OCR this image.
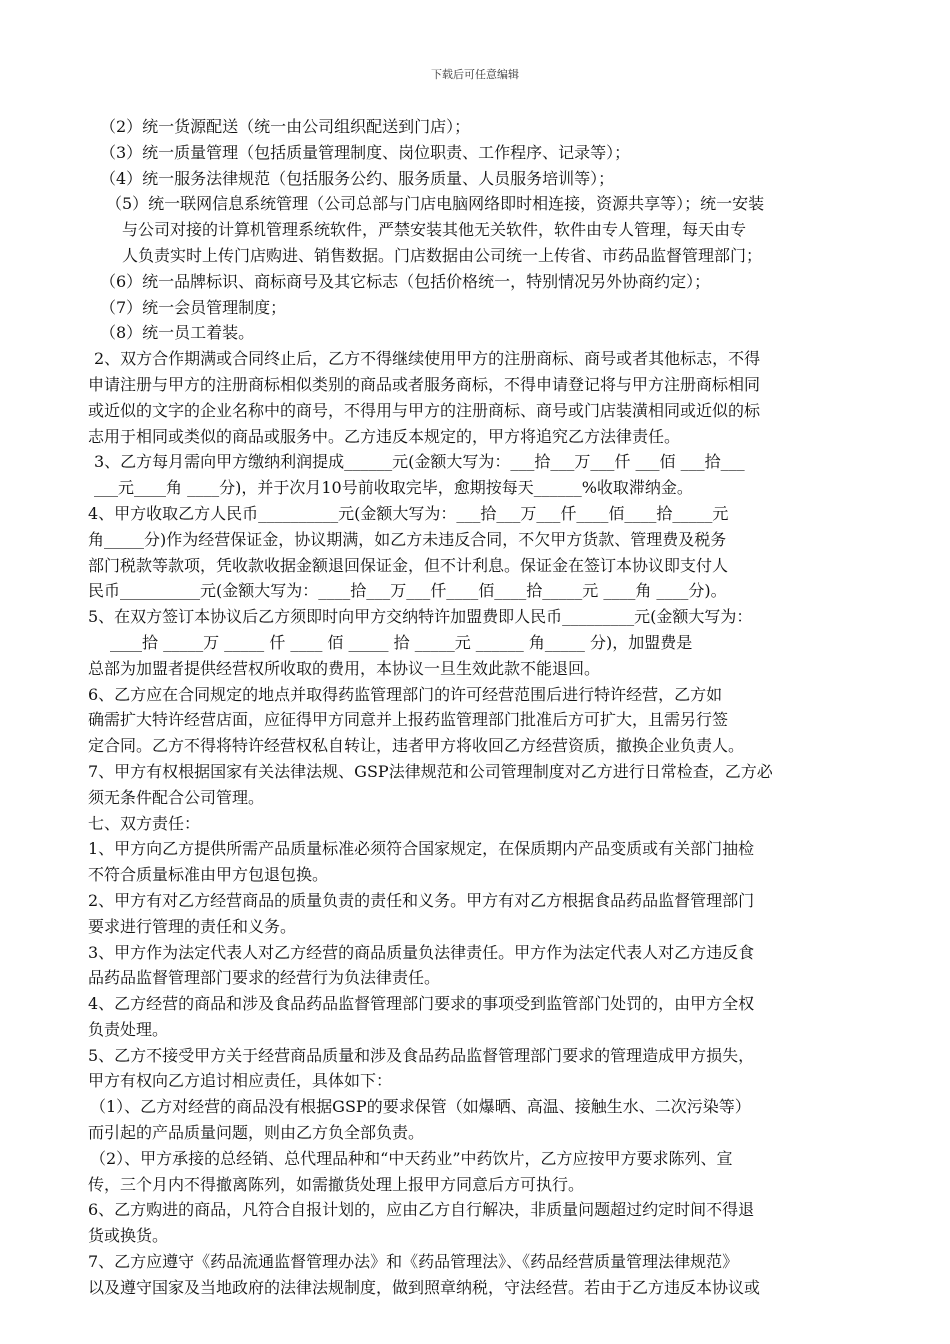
下载后可任意编辑
（2）统一货源配送（统一由公司组织配送到门店）；
（3）统一质量管理（包括质量管理制度、岗位职责、工作程序、记录等）；
（4）统一服务法律规范（包括服务公约、服务质量、人员服务培训等）；
（5）统一联网信息系统管理（公司总部与门店电脑网络即时相连接，资源共享等）；统一安装
与公司对接的计算机管理系统软件，严禁安装其他无关软件，软件由专人管理，每天由专
人负责实时上传门店购进、销售数据。门店数据由公司统一上传省、市药品监督管理部门；
（6）统一品牌标识、商标商号及其它标志（包括价格统一，特别情况另外协商约定）；
（7）统一会员管理制度；
（8）统一员工着装。
2、双方合作期满或合同终止后，乙方不得继续使用甲方的注册商标、商号或者其他标志，不得
申请注册与甲方的注册商标相似类别的商品或者服务商标，不得申请登记将与甲方注册商标相同
或近似的文字的企业名称中的商号，不得用与甲方的注册商标、商号或门店装潢相同或近似的标
志用于相同或类似的商品或服务中。乙方违反本规定的，甲方将追究乙方法律责任。
3、乙方每月需向甲方缴纳利润提成______元(金额大写为：___拾___万___仟 ___佰 ___拾___
___元____角 ____分)，并于次月10号前收取完毕，愈期按每天______%收取滞纳金。
4、甲方收取乙方人民币__________元(金额大写为：___拾___万___仟____佰____拾_____元
角_____分)作为经营保证金，协议期满，如乙方未违反合同，不欠甲方货款、管理费及税务
部门税款等款项，凭收款收据金额退回保证金，但不计利息。保证金在签订本协议即支付人
民币__________元(金额大写为：____拾___万___仟____佰____拾_____元 ____角 ____分)。
5、在双方签订本协议后乙方须即时向甲方交纳特许加盟费即人民币_________元(金额大写为：
____拾 _____万 _____ 仟 ____ 佰 _____ 拾 _____元 ______ 角_____ 分)，加盟费是
总部为加盟者提供经营权所收取的费用，本协议一旦生效此款不能退回。
6、乙方应在合同规定的地点并取得药监管理部门的许可经营范围后进行特许经营，乙方如
确需扩大特许经营店面，应征得甲方同意并上报药监管理部门批准后方可扩大，且需另行签
定合同。乙方不得将特许经营权私自转让，违者甲方将收回乙方经营资质，撤换企业负责人。
7、甲方有权根据国家有关法律法规、GSP法律规范和公司管理制度对乙方进行日常检查，乙方必
须无条件配合公司管理。
七、双方责任：
1、甲方向乙方提供所需产品质量标准必须符合国家规定，在保质期内产品变质或有关部门抽检
不符合质量标准由甲方包退包换。
2、甲方有对乙方经营商品的质量负责的责任和义务。甲方有对乙方根据食品药品监督管理部门
要求进行管理的责任和义务。
3、甲方作为法定代表人对乙方经营的商品质量负法律责任。甲方作为法定代表人对乙方违反食
品药品监督管理部门要求的经营行为负法律责任。
4、乙方经营的商品和涉及食品药品监督管理部门要求的事项受到监管部门处罚的，由甲方全权
负责处理。
5、乙方不接受甲方关于经营商品质量和涉及食品药品监督管理部门要求的管理造成甲方损失，
甲方有权向乙方追讨相应责任，具体如下：
（1）、乙方对经营的商品没有根据GSP的要求保管（如爆晒、高温、接触生水、二次污染等）
而引起的产品质量问题，则由乙方负全部负责。
（2）、甲方承接的总经销、总代理品种和“中天药业”中药饮片，乙方应按甲方要求陈列、宣
传，三个月内不得撤离陈列，如需撤货处理上报甲方同意后方可执行。
6、乙方购进的商品，凡符合自报计划的，应由乙方自行解决，非质量问题超过约定时间不得退
货或换货。
7、乙方应遵守《药品流通监督管理办法》和《药品管理法》、《药品经营质量管理法律规范》
以及遵守国家及当地政府的法律法规制度，做到照章纳税，守法经营。若由于乙方违反本协议或
